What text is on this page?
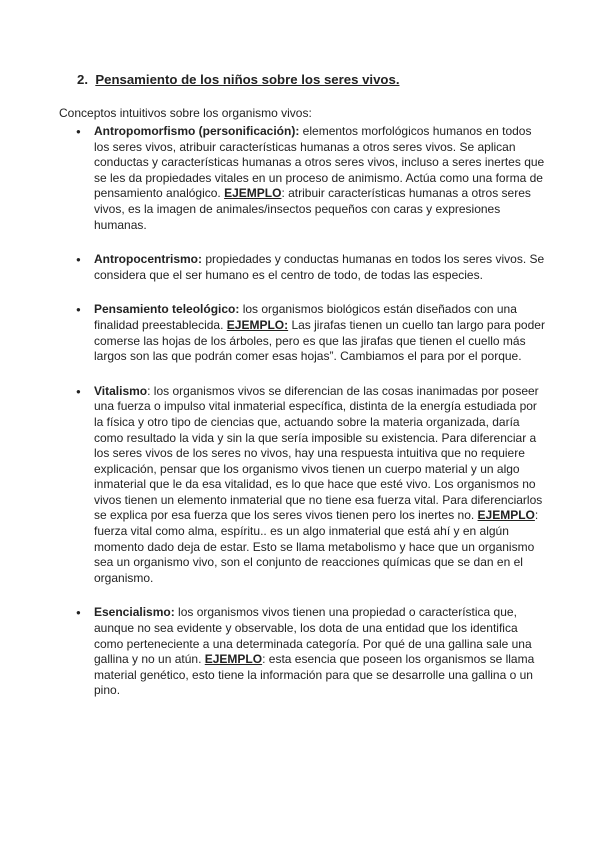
2. Pensamiento de los niños sobre los seres vivos.
Conceptos intuitivos sobre los organismo vivos:
● Antropomorfismo (personificación): elementos morfológicos humanos en todos los seres vivos, atribuir características humanas a otros seres vivos. Se aplican conductas y características humanas a otros seres vivos, incluso a seres inertes que se les da propiedades vitales en un proceso de animismo. Actúa como una forma de pensamiento analógico. EJEMPLO: atribuir características humanas a otros seres vivos, es la imagen de animales/insectos pequeños con caras y expresiones humanas.
● Antropocentrismo: propiedades y conductas humanas en todos los seres vivos. Se considera que el ser humano es el centro de todo, de todas las especies.
● Pensamiento teleológico: los organismos biológicos están diseñados con una finalidad preestablecida. EJEMPLO: Las jirafas tienen un cuello tan largo para poder comerse las hojas de los árboles, pero es que las jirafas que tienen el cuello más largos son las que podrán comer esas hojas”. Cambiamos el para por el porque.
● Vitalismo: los organismos vivos se diferencian de las cosas inanimadas por poseer una fuerza o impulso vital inmaterial específica, distinta de la energía estudiada por la física y otro tipo de ciencias que, actuando sobre la materia organizada, daría como resultado la vida y sin la que sería imposible su existencia. Para diferenciar a los seres vivos de los seres no vivos, hay una respuesta intuitiva que no requiere explicación, pensar que los organismo vivos tienen un cuerpo material y un algo inmaterial que le da esa vitalidad, es lo que hace que esté vivo. Los organismos no vivos tienen un elemento inmaterial que no tiene esa fuerza vital. Para diferenciarlos se explica por esa fuerza que los seres vivos tienen pero los inertes no. EJEMPLO: fuerza vital como alma, espíritu.. es un algo inmaterial que está ahí y en algún momento dado deja de estar. Esto se llama metabolismo y hace que un organismo sea un organismo vivo, son el conjunto de reacciones químicas que se dan en el organismo.
● Esencialismo: los organismos vivos tienen una propiedad o característica que, aunque no sea evidente y observable, los dota de una entidad que los identifica como perteneciente a una determinada categoría. Por qué de una gallina sale una gallina y no un atún. EJEMPLO: esta esencia que poseen los organismos se llama material genético, esto tiene la información para que se desarrolle una gallina o un pino.
